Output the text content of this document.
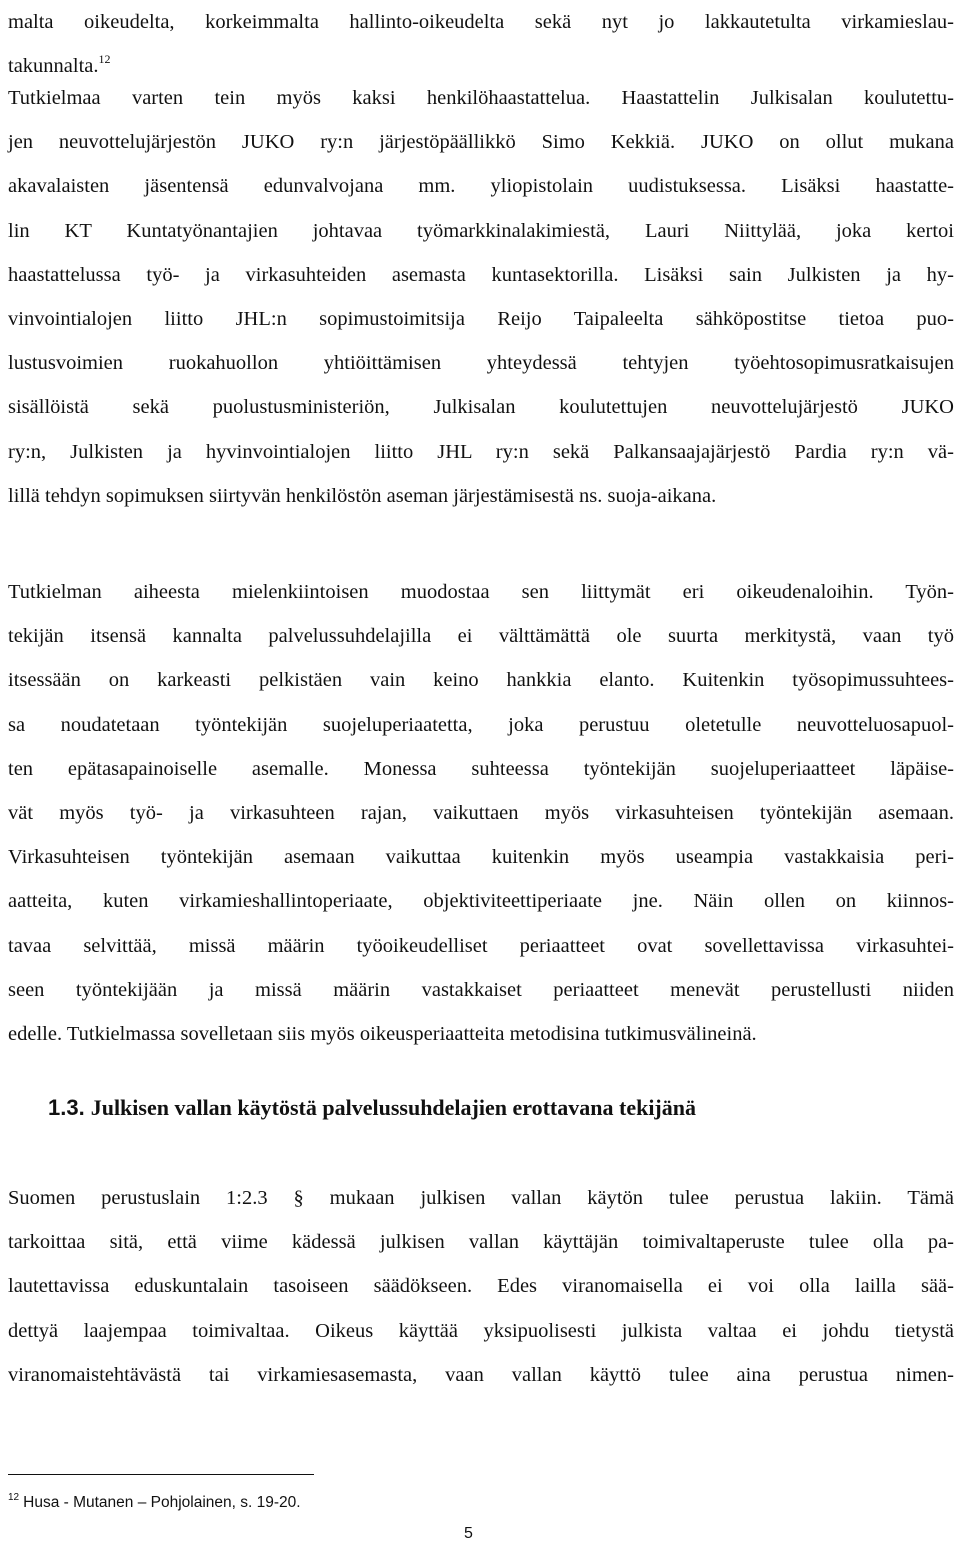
malta oikeudelta, korkeimmalta hallinto-oikeudelta sekä nyt jo lakkautetulta virkamieslau-
takunnalta.$^{12}$
Tutkielmaa varten tein myös kaksi henkilöhaastattelua. Haastattelin Julkisalan koulutettu-
jen neuvottelujärjestön JUKO ry:n järjestöpäällikkö Simo Kekkiä. JUKO on ollut mukana
akavalaisten jäsentensä edunvalvojana mm. yliopistolain uudistuksessa. Lisäksi haastatte-
lin KT Kuntatyönantajien johtavaa työmarkkinalakimiestä, Lauri Niittylää, joka kertoi
haastattelussa työ- ja virkasuhteiden asemasta kuntasektorilla. Lisäksi sain Julkisten ja hy-
vinvointialojen liitto JHL:n sopimustoimitsija Reijo Taipaleelta sähköpostitse tietoa puo-
lustusvoimien ruokahuollon yhtiöittämisen yhteydessä tehtyjen työehtosopimusratkaisujen
sisällöistä sekä puolustusministeriön, Julkisalan koulutettujen neuvottelujärjestö JUKO
ry:n, Julkisten ja hyvinvointialojen liitto JHL ry:n sekä Palkansaajajärjestö Pardia ry:n vä-
lillä tehdyn sopimuksen siirtyvän henkilöstön aseman järjestämisestä ns. suoja-aikana.
Tutkielman aiheesta mielenkiintoisen muodostaa sen liittymät eri oikeudenaloihin. Työn-
tekijän itsensä kannalta palvelussuhdelajilla ei välttämättä ole suurta merkitystä, vaan työ
itsessään on karkeasti pelkistäen vain keino hankkia elanto. Kuitenkin työsopimussuhtees-
sa noudatetaan työntekijän suojeluperiaatetta, joka perustuu oletetulle neuvotteluosapuol-
ten epätasapainoiselle asemalle. Monessa suhteessa työntekijän suojeluperiaatteet läpäise-
vät myös työ- ja virkasuhteen rajan, vaikuttaen myös virkasuhteisen työntekijän asemaan.
Virkasuhteisen työntekijän asemaan vaikuttaa kuitenkin myös useampia vastakkaisia peri-
aatteita, kuten virkamieshallintoperiaate, objektiviteettiperiaate jne. Näin ollen on kiinnos-
tavaa selvittää, missä määrin työoikeudelliset periaatteet ovat sovellettavissa virkasuhtei-
seen työntekijään ja missä määrin vastakkaiset periaatteet menevät perustellusti niiden
edelle. Tutkielmassa sovelletaan siis myös oikeusperiaatteita metodisina tutkimusvälineinä.
1.3. Julkisen vallan käytöstä palvelussuhdelajien erottavana tekijänä
Suomen perustuslain 1:2.3 § mukaan julkisen vallan käytön tulee perustua lakiin. Tämä
tarkoittaa sitä, että viime kädessä julkisen vallan käyttäjän toimivaltaperuste tulee olla pa-
lautettavissa eduskuntalain tasoiseen säädökseen. Edes viranomaisella ei voi olla lailla sää-
dettyä laajempaa toimivaltaa. Oikeus käyttää yksipuolisesti julkista valtaa ei johdu tietystä
viranomaistehtävästä tai virkamiesasemasta, vaan vallan käyttö tulee aina perustua nimen-
$^{12}$ Husa - Mutanen – Pohjolainen, s. 19-20.
5
